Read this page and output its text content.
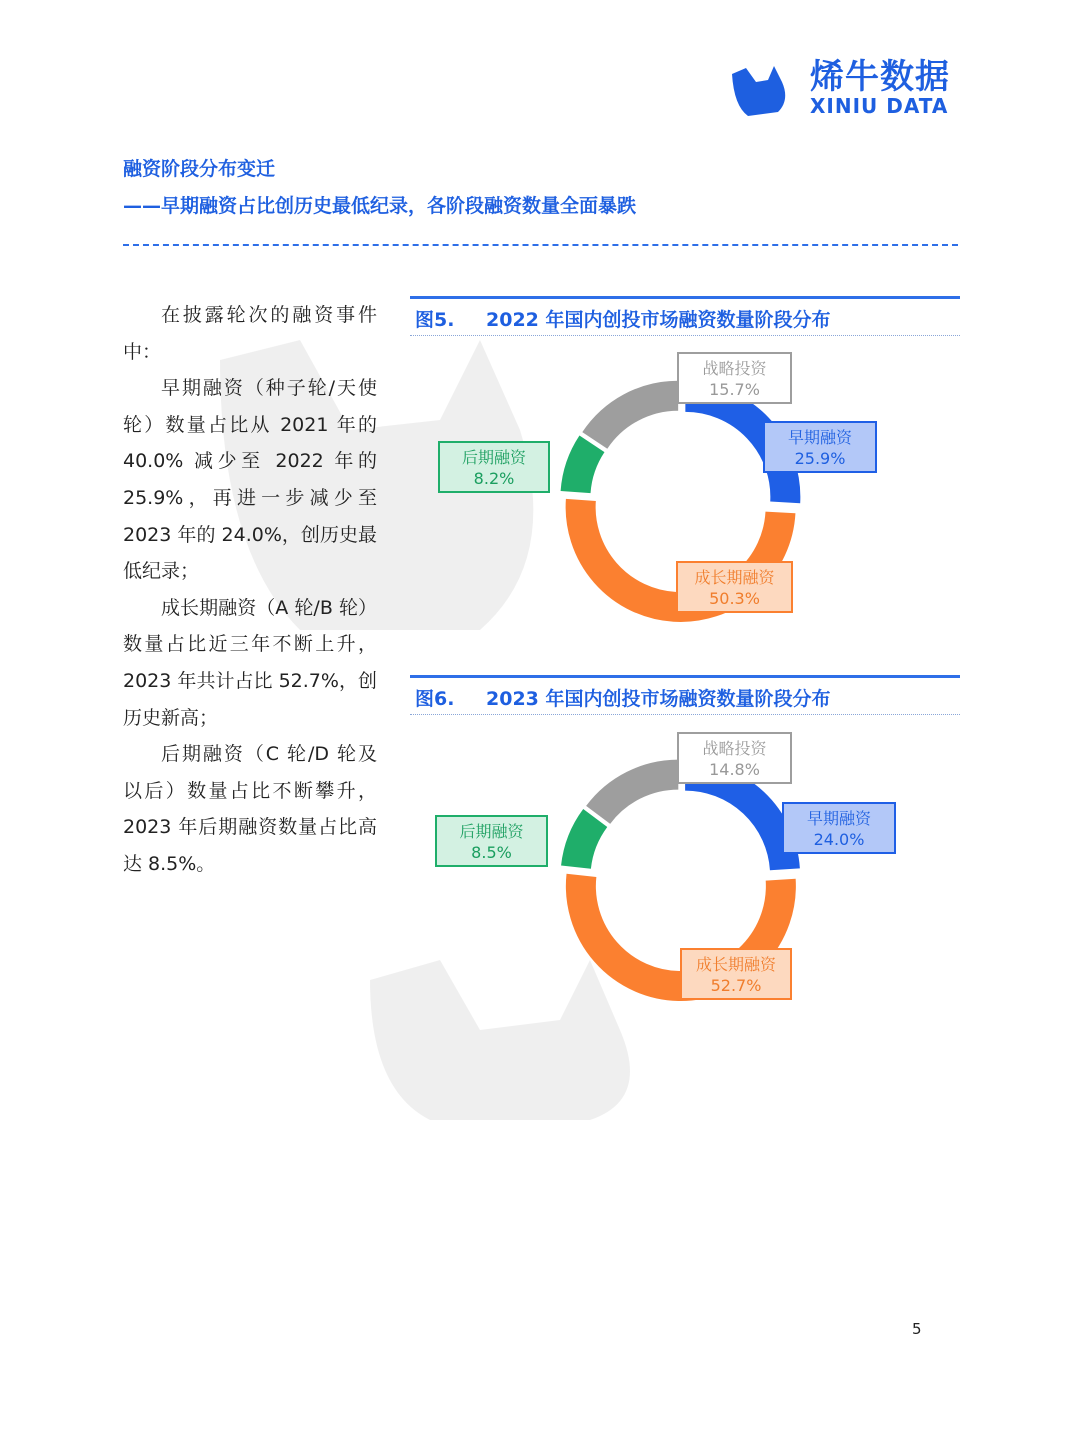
烯牛数据
XINIU DATA
融资阶段分布变迁
——早期融资占比创历史最低纪录，各阶段融资数量全面暴跌

在披露轮次的融资事件中：

早期融资（种子轮/天使轮）数量占比从 2021 年的 40.0% 减少至 2022 年的 25.9%，再进一步减少至 2023 年的 24.0%，创历史最低纪录；

成长期融资（A 轮/B 轮）数量占比近三年不断上升，2023 年共计占比 52.7%，创历史新高；

后期融资（C 轮/D 轮及以后）数量占比不断攀升，2023 年后期融资数量占比高达 8.5%。

图5. 2022 年国内创投市场融资数量阶段分布
早期融资
25.9%
成长期融资
50.3%
后期融资
8.2%
战略投资
15.7%
图6. 2023 年国内创投市场融资数量阶段分布
早期融资
24.0%
成长期融资
52.7%
后期融资
8.5%
战略投资
14.8%
5
